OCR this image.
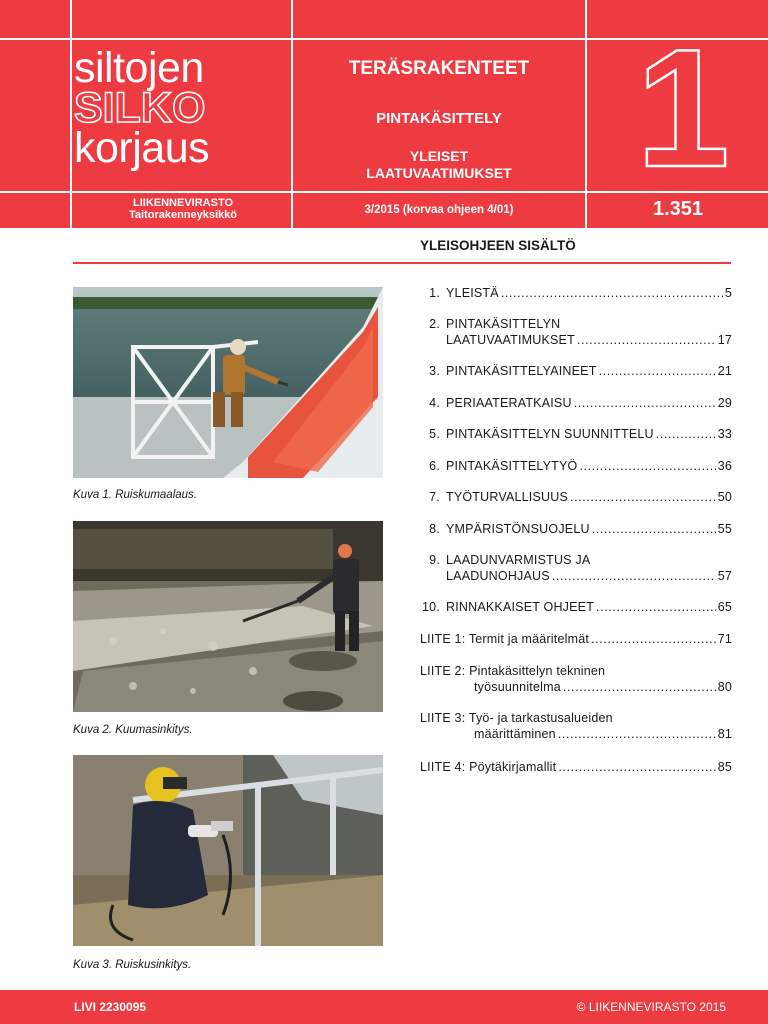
siltojen
SILKO
korjaus
TERÄSRAKENTEET
PINTAKÄSITTELY
YLEISET
LAATUVAATIMUKSET 1
LIIKENNEVIRASTO
Taitorakenneyksikkö	3/2015 (korvaa ohjeen 4/01)	1.351
YLEISOHJEEN SISÄLTÖ
Kuva 1. Ruiskumaalaus.
Kuva 2. Kuumasinkitys.
Kuva 3. Ruiskusinkitys.
1. YLEISTÄ .....	5
2. PINTAKÄSITTELYN
LAATUVAATIMUKSET .....	17
3. PINTAKÄSITTELYAINEET .....	21
4. PERIAATERATKAISU .....	29
5. PINTAKÄSITTELYN SUUNNITTELU .....	33
6. PINTAKÄSITTELYTYÖ .....	36
7. TYÖTURVALLISUUS .....	50
8. YMPÄRISTÖNSUOJELU .....	55
9. LAADUNVARMISTUS JA
LAADUNOHJAUS .....	57
10. RINNAKKAISET OHJEET .....	65
LIITE 1: Termit ja määritelmät .....	71
LIITE 2: Pintakäsittelyn tekninen
työsuunnitelma .....	80
LIITE 3: Työ- ja tarkastusalueiden
määrittäminen .....	81
LIITE 4: Pöytäkirjamallit .....	85
LIVI 2230095	© LIIKENNEVIRASTO 2015
